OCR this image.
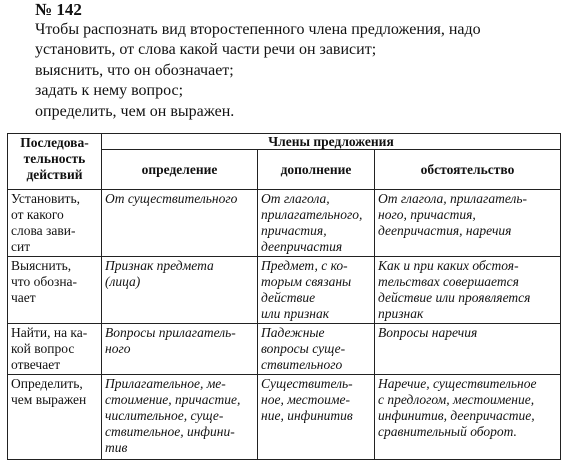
№ 142

Чтобы распознать вид второстепенного члена предложения, надо

установить, от слова какой части речи он зависит;

выяснить, что он обозначает;

задать к нему вопрос;

определить, чем он выражен.

Последова-
тельность
действий	Члены предложения		
	определение	дополнение	обстоятельство

Установить,
от какого
слова зави-
сит	От существительного	От глагола,
прилагательного,
причастия,
деепричастия	От глагола, прилагатель-
ного, причастия,
деепричастия, наречия

Выяснить,
что обозна-
чает	Признак предмета
(лица)	Предмет, с ко-
торым связаны
действие
или признак	Как и при каких обстоя-
тельствах совершается
действие или проявляется
признак

Найти, на ка-
кой вопрос
отвечает	Вопросы прилагатель-
ного	Падежные
вопросы суще-
ствительного	Вопросы наречия

Определить,
чем выражен	Прилагательное, ме-
стоимение, причастие,
числительное, суще-
ствительное, инфини-
тив	Существитель-
ное, местоиме-
ние, инфинитив	Наречие, существительное
с предлогом, местоимение,
инфинитив, деепричастие,
сравнительный оборот.
